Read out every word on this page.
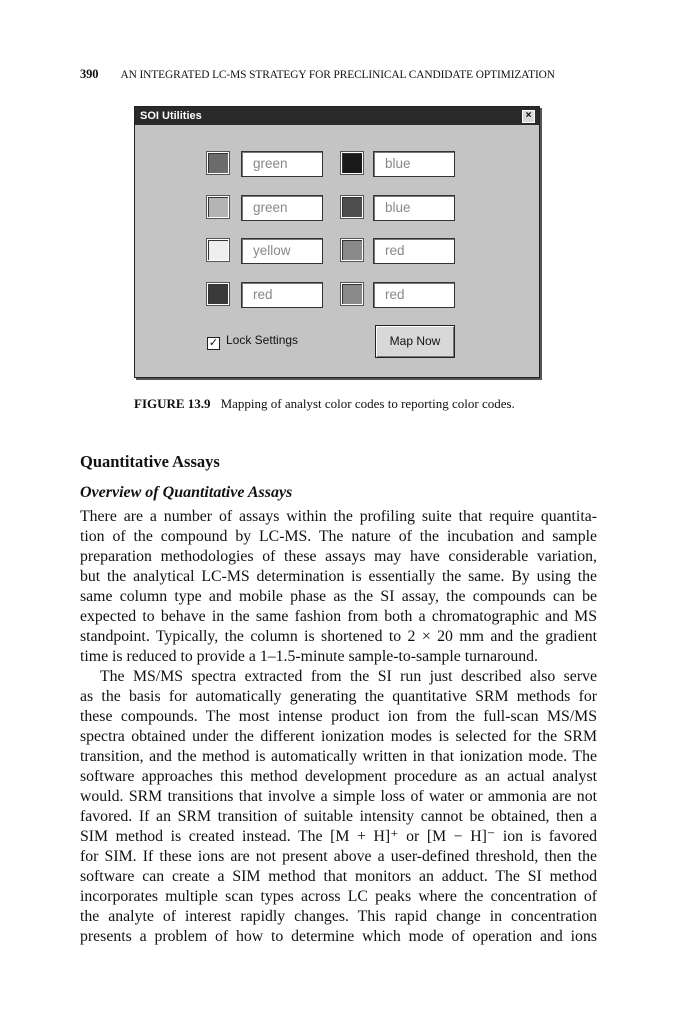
390 AN INTEGRATED LC-MS STRATEGY FOR PRECLINICAL CANDIDATE OPTIMIZATION
SOI Utilities	×
green	blue
green	blue
yellow	red
red	red
✓ Lock Settings	Map Now
FIGURE 13.9 Mapping of analyst color codes to reporting color codes.
Quantitative Assays
Overview of Quantitative Assays
There are a number of assays within the profiling suite that require quantita-
tion of the compound by LC-MS. The nature of the incubation and sample
preparation methodologies of these assays may have considerable variation,
but the analytical LC-MS determination is essentially the same. By using the
same column type and mobile phase as the SI assay, the compounds can be
expected to behave in the same fashion from both a chromatographic and MS
standpoint. Typically, the column is shortened to 2 × 20 mm and the gradient
time is reduced to provide a 1–1.5-minute sample-to-sample turnaround.
The MS/MS spectra extracted from the SI run just described also serve
as the basis for automatically generating the quantitative SRM methods for
these compounds. The most intense product ion from the full-scan MS/MS
spectra obtained under the different ionization modes is selected for the SRM
transition, and the method is automatically written in that ionization mode. The
software approaches this method development procedure as an actual analyst
would. SRM transitions that involve a simple loss of water or ammonia are not
favored. If an SRM transition of suitable intensity cannot be obtained, then a
SIM method is created instead. The [M + H]⁺ or [M − H]⁻ ion is favored
for SIM. If these ions are not present above a user-defined threshold, then the
software can create a SIM method that monitors an adduct. The SI method
incorporates multiple scan types across LC peaks where the concentration of
the analyte of interest rapidly changes. This rapid change in concentration
presents a problem of how to determine which mode of operation and ions
